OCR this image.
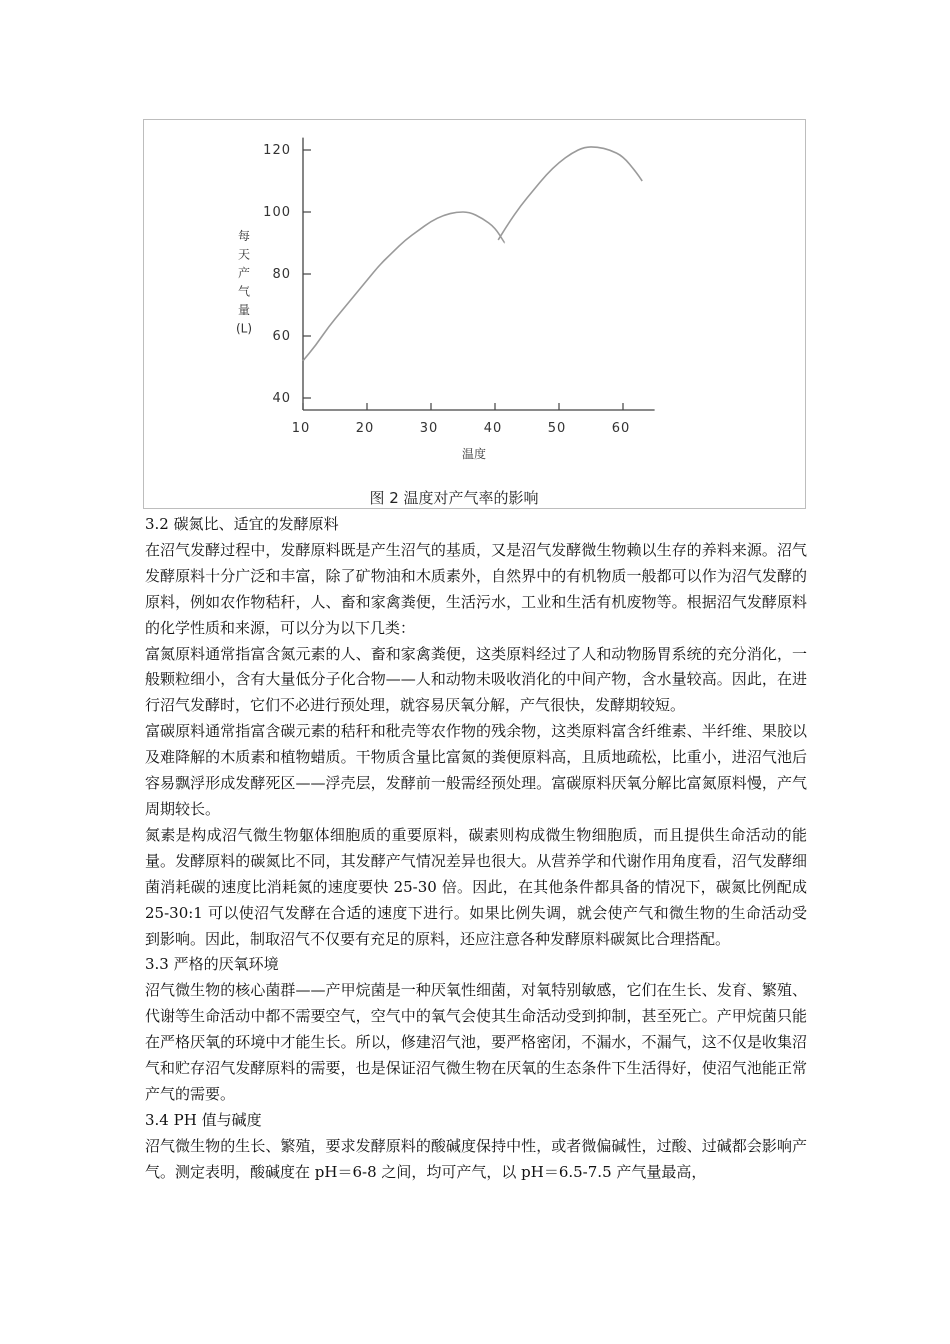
40
60
80
100
120
10	20	30	40	50	60
每
天
产
气
量
(L)
温度
图 2 温度对产气率的影响

3.2 碳氮比、适宜的发酵原料

在沼气发酵过程中，发酵原料既是产生沼气的基质，又是沼气发酵微生物赖以生存的养料来源。沼气发酵原料十分广泛和丰富，除了矿物油和木质素外，自然界中的有机物质一般都可以作为沼气发酵的原料，例如农作物秸秆，人、畜和家禽粪便，生活污水，工业和生活有机废物等。根据沼气发酵原料的化学性质和来源，可以分为以下几类：

富氮原料通常指富含氮元素的人、畜和家禽粪便，这类原料经过了人和动物肠胃系统的充分消化，一般颗粒细小，含有大量低分子化合物——人和动物未吸收消化的中间产物，含水量较高。因此，在进行沼气发酵时，它们不必进行预处理，就容易厌氧分解，产气很快，发酵期较短。

富碳原料通常指富含碳元素的秸秆和秕壳等农作物的残余物，这类原料富含纤维素、半纤维、果胶以及难降解的木质素和植物蜡质。干物质含量比富氮的粪便原料高，且质地疏松，比重小，进沼气池后容易飘浮形成发酵死区——浮壳层，发酵前一般需经预处理。富碳原料厌氧分解比富氮原料慢，产气周期较长。

氮素是构成沼气微生物躯体细胞质的重要原料，碳素则构成微生物细胞质，而且提供生命活动的能量。发酵原料的碳氮比不同，其发酵产气情况差异也很大。从营养学和代谢作用角度看，沼气发酵细菌消耗碳的速度比消耗氮的速度要快 25-30 倍。因此，在其他条件都具备的情况下，碳氮比例配成 25-30:1 可以使沼气发酵在合适的速度下进行。如果比例失调，就会使产气和微生物的生命活动受到影响。因此，制取沼气不仅要有充足的原料，还应注意各种发酵原料碳氮比合理搭配。

3.3 严格的厌氧环境

沼气微生物的核心菌群——产甲烷菌是一种厌氧性细菌，对氧特别敏感，它们在生长、发育、繁殖、代谢等生命活动中都不需要空气，空气中的氧气会使其生命活动受到抑制，甚至死亡。产甲烷菌只能在严格厌氧的环境中才能生长。所以，修建沼气池，要严格密闭，不漏水，不漏气，这不仅是收集沼气和贮存沼气发酵原料的需要，也是保证沼气微生物在厌氧的生态条件下生活得好，使沼气池能正常产气的需要。

3.4 PH 值与碱度

沼气微生物的生长、繁殖，要求发酵原料的酸碱度保持中性，或者微偏碱性，过酸、过碱都会影响产气。测定表明，酸碱度在 pH＝6-8 之间，均可产气，以 pH＝6.5-7.5 产气量最高，
